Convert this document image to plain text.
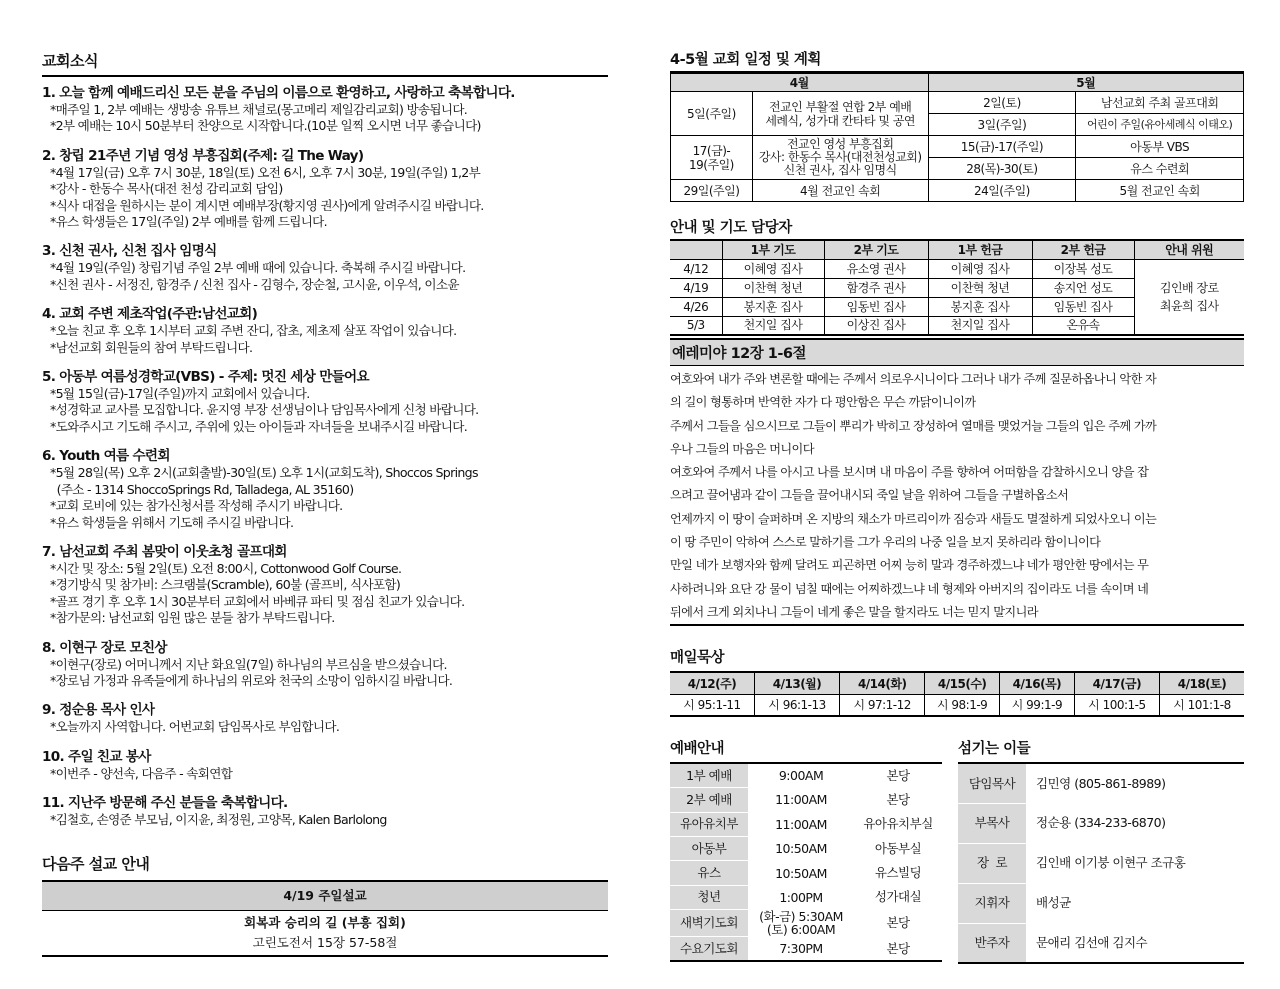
교회소식
1. 오늘 함께 예배드리신 모든 분을 주님의 이름으로 환영하고, 사랑하고 축복합니다.
*매주일 1, 2부 예배는 생방송 유튜브 채널로(몽고메리 제일감리교회) 방송됩니다.
*2부 예배는 10시 50분부터 찬양으로 시작합니다.(10분 일찍 오시면 너무 좋습니다)
2. 창립 21주년 기념 영성 부흥집회(주제: 길 The Way)
*4월 17일(금) 오후 7시 30분, 18일(토) 오전 6시, 오후 7시 30분, 19일(주일) 1,2부
*강사 - 한동수 목사(대전 천성 감리교회 담임)
*식사 대접을 원하시는 분이 계시면 예배부장(황지영 권사)에게 알려주시길 바랍니다.
*유스 학생들은 17일(주일) 2부 예배를 함께 드립니다.
3. 신천 권사, 신천 집사 임명식
*4월 19일(주일) 창립기념 주일 2부 예배 때에 있습니다. 축복해 주시길 바랍니다.
*신천 권사 - 서정진, 함경주 / 신천 집사 - 김형수, 장순철, 고시윤, 이우석, 이소윤
4. 교회 주변 제초작업(주관:남선교회)
*오늘 친교 후 오후 1시부터 교회 주변 잔디, 잡초, 제초제 살포 작업이 있습니다.
*남선교회 회원들의 참여 부탁드립니다.
5. 아동부 여름성경학교(VBS) - 주제: 멋진 세상 만들어요
*5월 15일(금)-17일(주일)까지 교회에서 있습니다.
*성경학교 교사를 모집합니다. 윤지영 부장 선생님이나 담임목사에게 신청 바랍니다.
*도와주시고 기도해 주시고, 주위에 있는 아이들과 자녀들을 보내주시길 바랍니다.
6. Youth 여름 수련회
*5월 28일(목) 오후 2시(교회출발)-30일(토) 오후 1시(교회도착), Shoccos Springs
(주소 - 1314 ShoccoSprings Rd, Talladega, AL 35160)
*교회 로비에 있는 참가신청서를 작성해 주시기 바랍니다.
*유스 학생들을 위해서 기도해 주시길 바랍니다.
7. 남선교회 주최 봄맞이 이웃초청 골프대회
*시간 및 장소: 5월 2일(토) 오전 8:00시, Cottonwood Golf Course.
*경기방식 및 참가비: 스크램블(Scramble), 60불 (골프비, 식사포함)
*골프 경기 후 오후 1시 30분부터 교회에서 바베큐 파티 및 점심 친교가 있습니다.
*참가문의: 남선교회 임원 많은 분들 참가 부탁드립니다.
8. 이현구 장로 모친상
*이현구(장로) 어머니께서 지난 화요일(7일) 하나님의 부르심을 받으셨습니다.
*장로님 가정과 유족들에게 하나님의 위로와 천국의 소망이 임하시길 바랍니다.
9. 정순용 목사 인사
*오늘까지 사역합니다. 어번교회 담임목사로 부임합니다.
10. 주일 친교 봉사
*이번주 - 양선속, 다음주 - 속회연합
11. 지난주 방문해 주신 분들을 축복합니다.
*김철호, 손영준 부모님, 이지윤, 최정원, 고양목, Kalen Barlolong
다음주 설교 안내
4/19 주일설교
회복과 승리의 길 (부흥 집회)
고린도전서 15장 57-58절
4-5월 교회 일정 및 계획
4월		5월	
5일(주일)	전교인 부활절 연합 2부 예배
세례식, 성가대 칸타타 및 공연	2일(토)	남선교회 주최 골프대회
		3일(주일)	어린이 주일(유아세례식 이태오)
17(금)-
19(주일)	전교인 영성 부흥집회
강사: 한동수 목사(대전천성교회)
신천 권사, 집사 임명식	15(금)-17(주일)	아동부 VBS
		28(목)-30(토)	유스 수련회
29일(주일)	4월 전교인 속회	24일(주일)	5월 전교인 속회
안내 및 기도 담당자
	1부 기도	2부 기도	1부 헌금	2부 헌금	안내 위원
4/12	이혜영 집사	유소영 권사	이혜영 집사	이장복 성도	김인배 장로
최윤희 집사

4/19	이찬혁 청년	함경주 권사	이찬혁 청년	송지언 성도	
4/26	봉지훈 집사	임동빈 집사	봉지훈 집사	임동빈 집사	
5/3	천지일 집사	이상진 집사	천지일 집사	온유속	
예레미야 12장 1-6절
여호와여 내가 주와 변론할 때에는 주께서 의로우시니이다 그러나 내가 주께 질문하옵나니 악한 자
의 길이 형통하며 반역한 자가 다 평안함은 무슨 까닭이니이까
주께서 그들을 심으시므로 그들이 뿌리가 박히고 장성하여 열매를 맺었거늘 그들의 입은 주께 가까
우나 그들의 마음은 머니이다
여호와여 주께서 나를 아시고 나를 보시며 내 마음이 주를 향하여 어떠함을 감찰하시오니 양을 잡
으려고 끌어냄과 같이 그들을 끌어내시되 죽일 날을 위하여 그들을 구별하옵소서
언제까지 이 땅이 슬퍼하며 온 지방의 채소가 마르리이까 짐승과 새들도 멸절하게 되었사오니 이는
이 땅 주민이 악하여 스스로 말하기를 그가 우리의 나중 일을 보지 못하리라 함이니이다
만일 네가 보행자와 함께 달려도 피곤하면 어찌 능히 말과 경주하겠느냐 네가 평안한 땅에서는 무
사하려니와 요단 강 물이 넘칠 때에는 어찌하겠느냐 네 형제와 아버지의 집이라도 너를 속이며 네
뒤에서 크게 외치나니 그들이 네게 좋은 말을 할지라도 너는 믿지 말지니라
매일묵상
4/12(주)	4/13(월)	4/14(화)	4/15(수)	4/16(목)	4/17(금)	4/18(토)
시 95:1-11	시 96:1-13	시 97:1-12	시 98:1-9	시 99:1-9	시 100:1-5	시 101:1-8
예배안내
1부 예배	9:00AM	본당
2부 예배	11:00AM	본당
유아유치부	11:00AM	유아유치부실
아동부	10:50AM	아동부실
유스	10:50AM	유스빌딩
청년	1:00PM	성가대실
새벽기도회	(화-금) 5:30AM
(토) 6:00AM	본당
수요기도회	7:30PM	본당
섬기는 이들
담임목사	김민영 (805-861-8989)
부목사	정순용 (334-233-6870)
장  로	김인배 이기붕 이현구 조규홍
지휘자	배성균
반주자	문애리 김선애 김지수
